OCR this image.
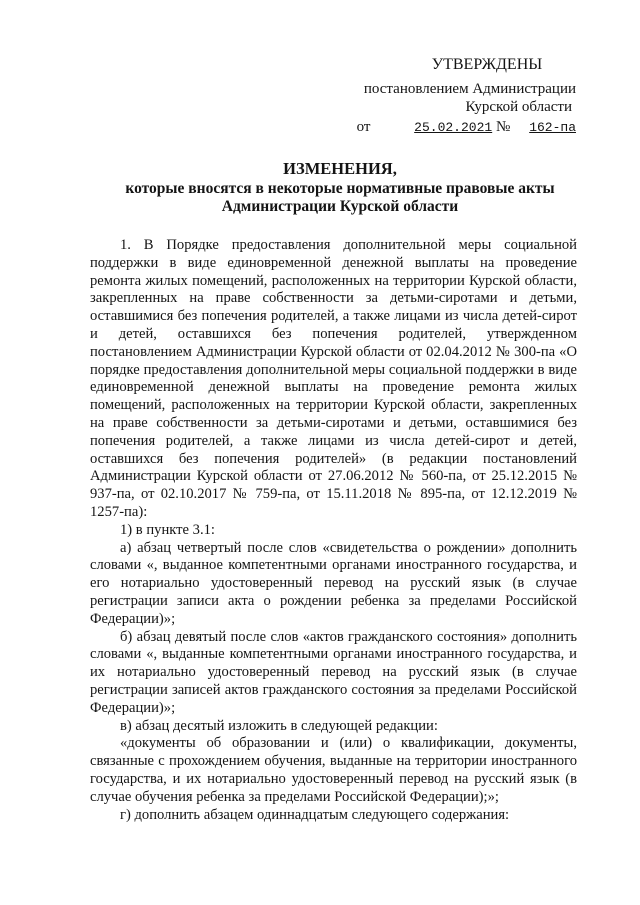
УТВЕРЖДЕНЫ
постановлением Администрации
Курской области
от	25.02.2021 № 162-па
ИЗМЕНЕНИЯ,
которые вносятся в некоторые нормативные правовые акты
Администрации Курской области

1. В Порядке предоставления дополнительной меры социальной поддержки в виде единовременной денежной выплаты на проведение ремонта жилых помещений, расположенных на территории Курской области, закрепленных на праве собственности за детьми-сиротами и детьми, оставшимися без попечения родителей, а также лицами из числа детей-сирот и детей, оставшихся без попечения родителей, утвержденном постановлением Администрации Курской области от 02.04.2012 № 300-па «О порядке предоставления дополнительной меры социальной поддержки в виде единовременной денежной выплаты на проведение ремонта жилых помещений, расположенных на территории Курской области, закрепленных на праве собственности за детьми-сиротами и детьми, оставшимися без попечения родителей, а также лицами из числа детей-сирот и детей, оставшихся без попечения родителей» (в редакции постановлений Администрации Курской области от 27.06.2012 № 560-па, от 25.12.2015 № 937-па, от 02.10.2017 № 759-па, от 15.11.2018 № 895-па, от 12.12.2019 № 1257-па):

1) в пункте 3.1:

а) абзац четвертый после слов «свидетельства о рождении» дополнить словами «, выданное компетентными органами иностранного государства, и его нотариально удостоверенный перевод на русский язык (в случае регистрации записи акта о рождении ребенка за пределами Российской Федерации)»;

б) абзац девятый после слов «актов гражданского состояния» дополнить словами «, выданные компетентными органами иностранного государства, и их нотариально удостоверенный перевод на русский язык (в случае регистрации записей актов гражданского состояния за пределами Российской Федерации)»;

в) абзац десятый изложить в следующей редакции:

«документы об образовании и (или) о квалификации, документы, связанные с прохождением обучения, выданные на территории иностранного государства, и их нотариально удостоверенный перевод на русский язык (в случае обучения ребенка за пределами Российской Федерации);»;

г) дополнить абзацем одиннадцатым следующего содержания:
